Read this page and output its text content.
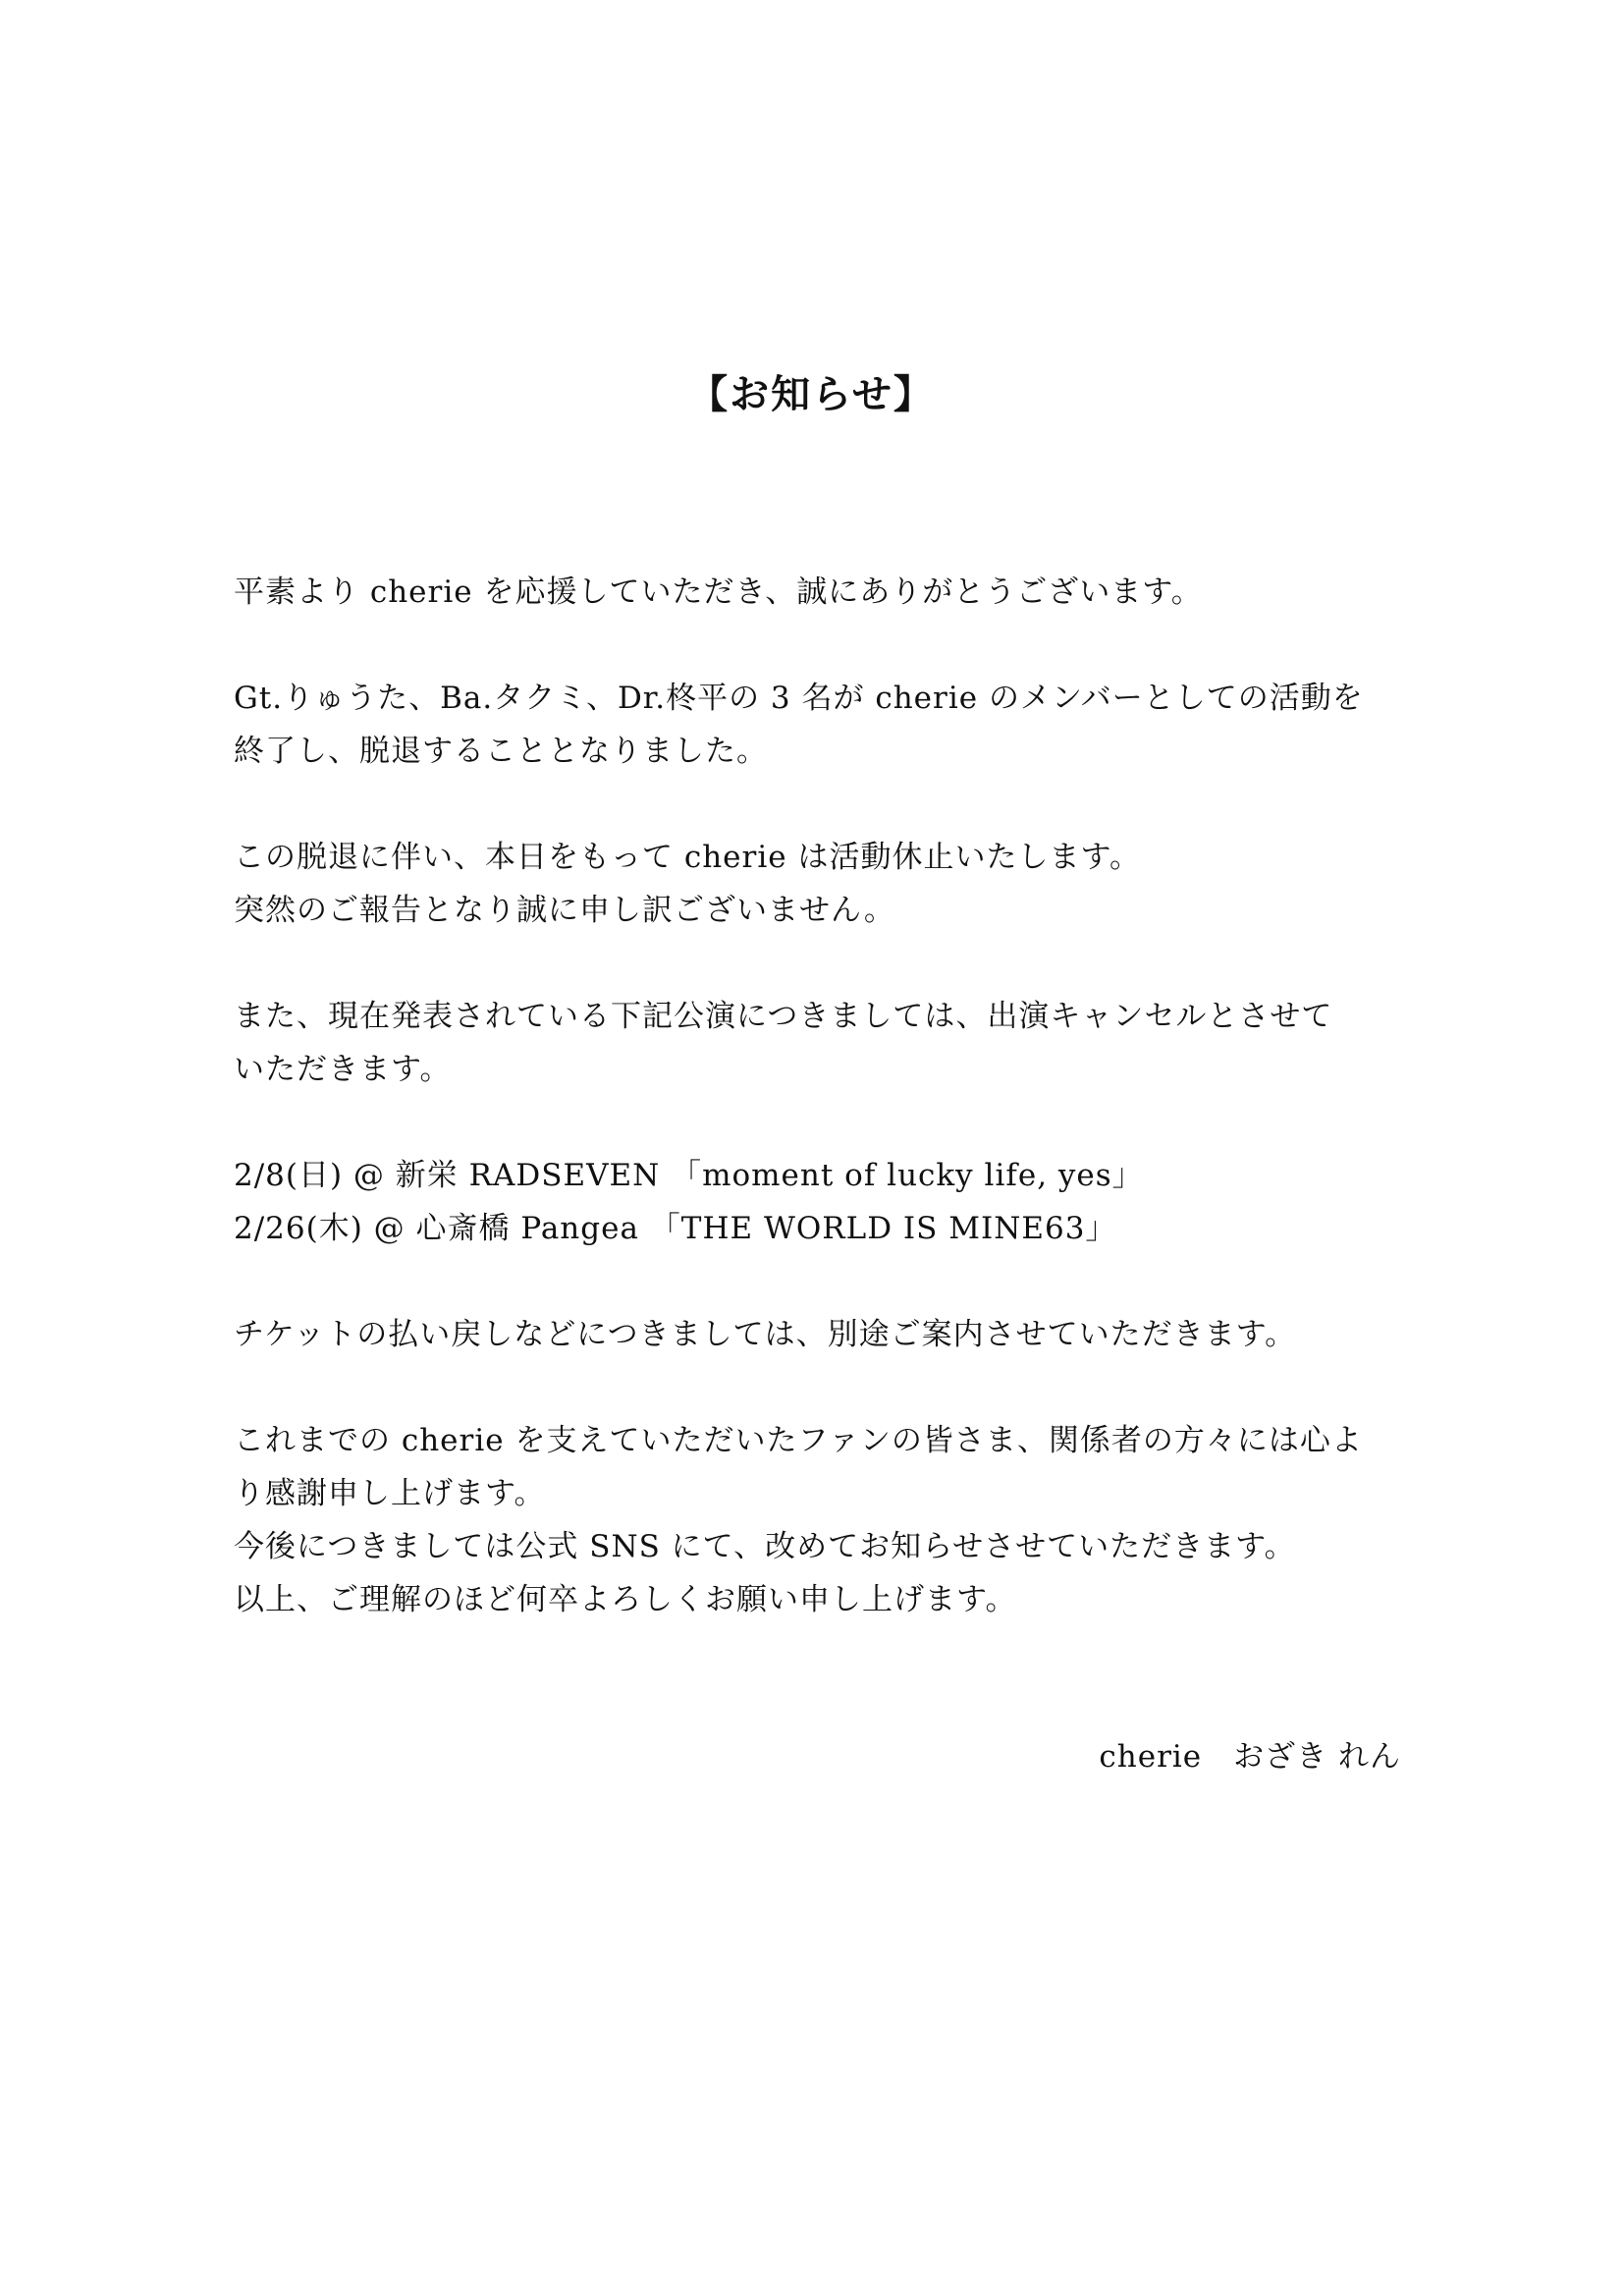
【お知らせ】

平素より cherie を応援していただき、誠にありがとうございます。

Gt.りゅうた、Ba.タクミ、Dr.柊平の 3 名が cherie のメンバーとしての活動を
終了し、脱退することとなりました。

この脱退に伴い、本日をもって cherie は活動休止いたします。
突然のご報告となり誠に申し訳ございません。

また、現在発表されている下記公演につきましては、出演キャンセルとさせて
いただきます。

2/8(日) @ 新栄 RADSEVEN 「moment of lucky life, yes」
2/26(木) @ 心斎橋 Pangea 「THE WORLD IS MINE63」

チケットの払い戻しなどにつきましては、別途ご案内させていただきます。

これまでの cherie を支えていただいたファンの皆さま、関係者の方々には心よ
り感謝申し上げます。
今後につきましては公式 SNS にて、改めてお知らせさせていただきます。
以上、ご理解のほど何卒よろしくお願い申し上げます。

cherie　おざき れん
